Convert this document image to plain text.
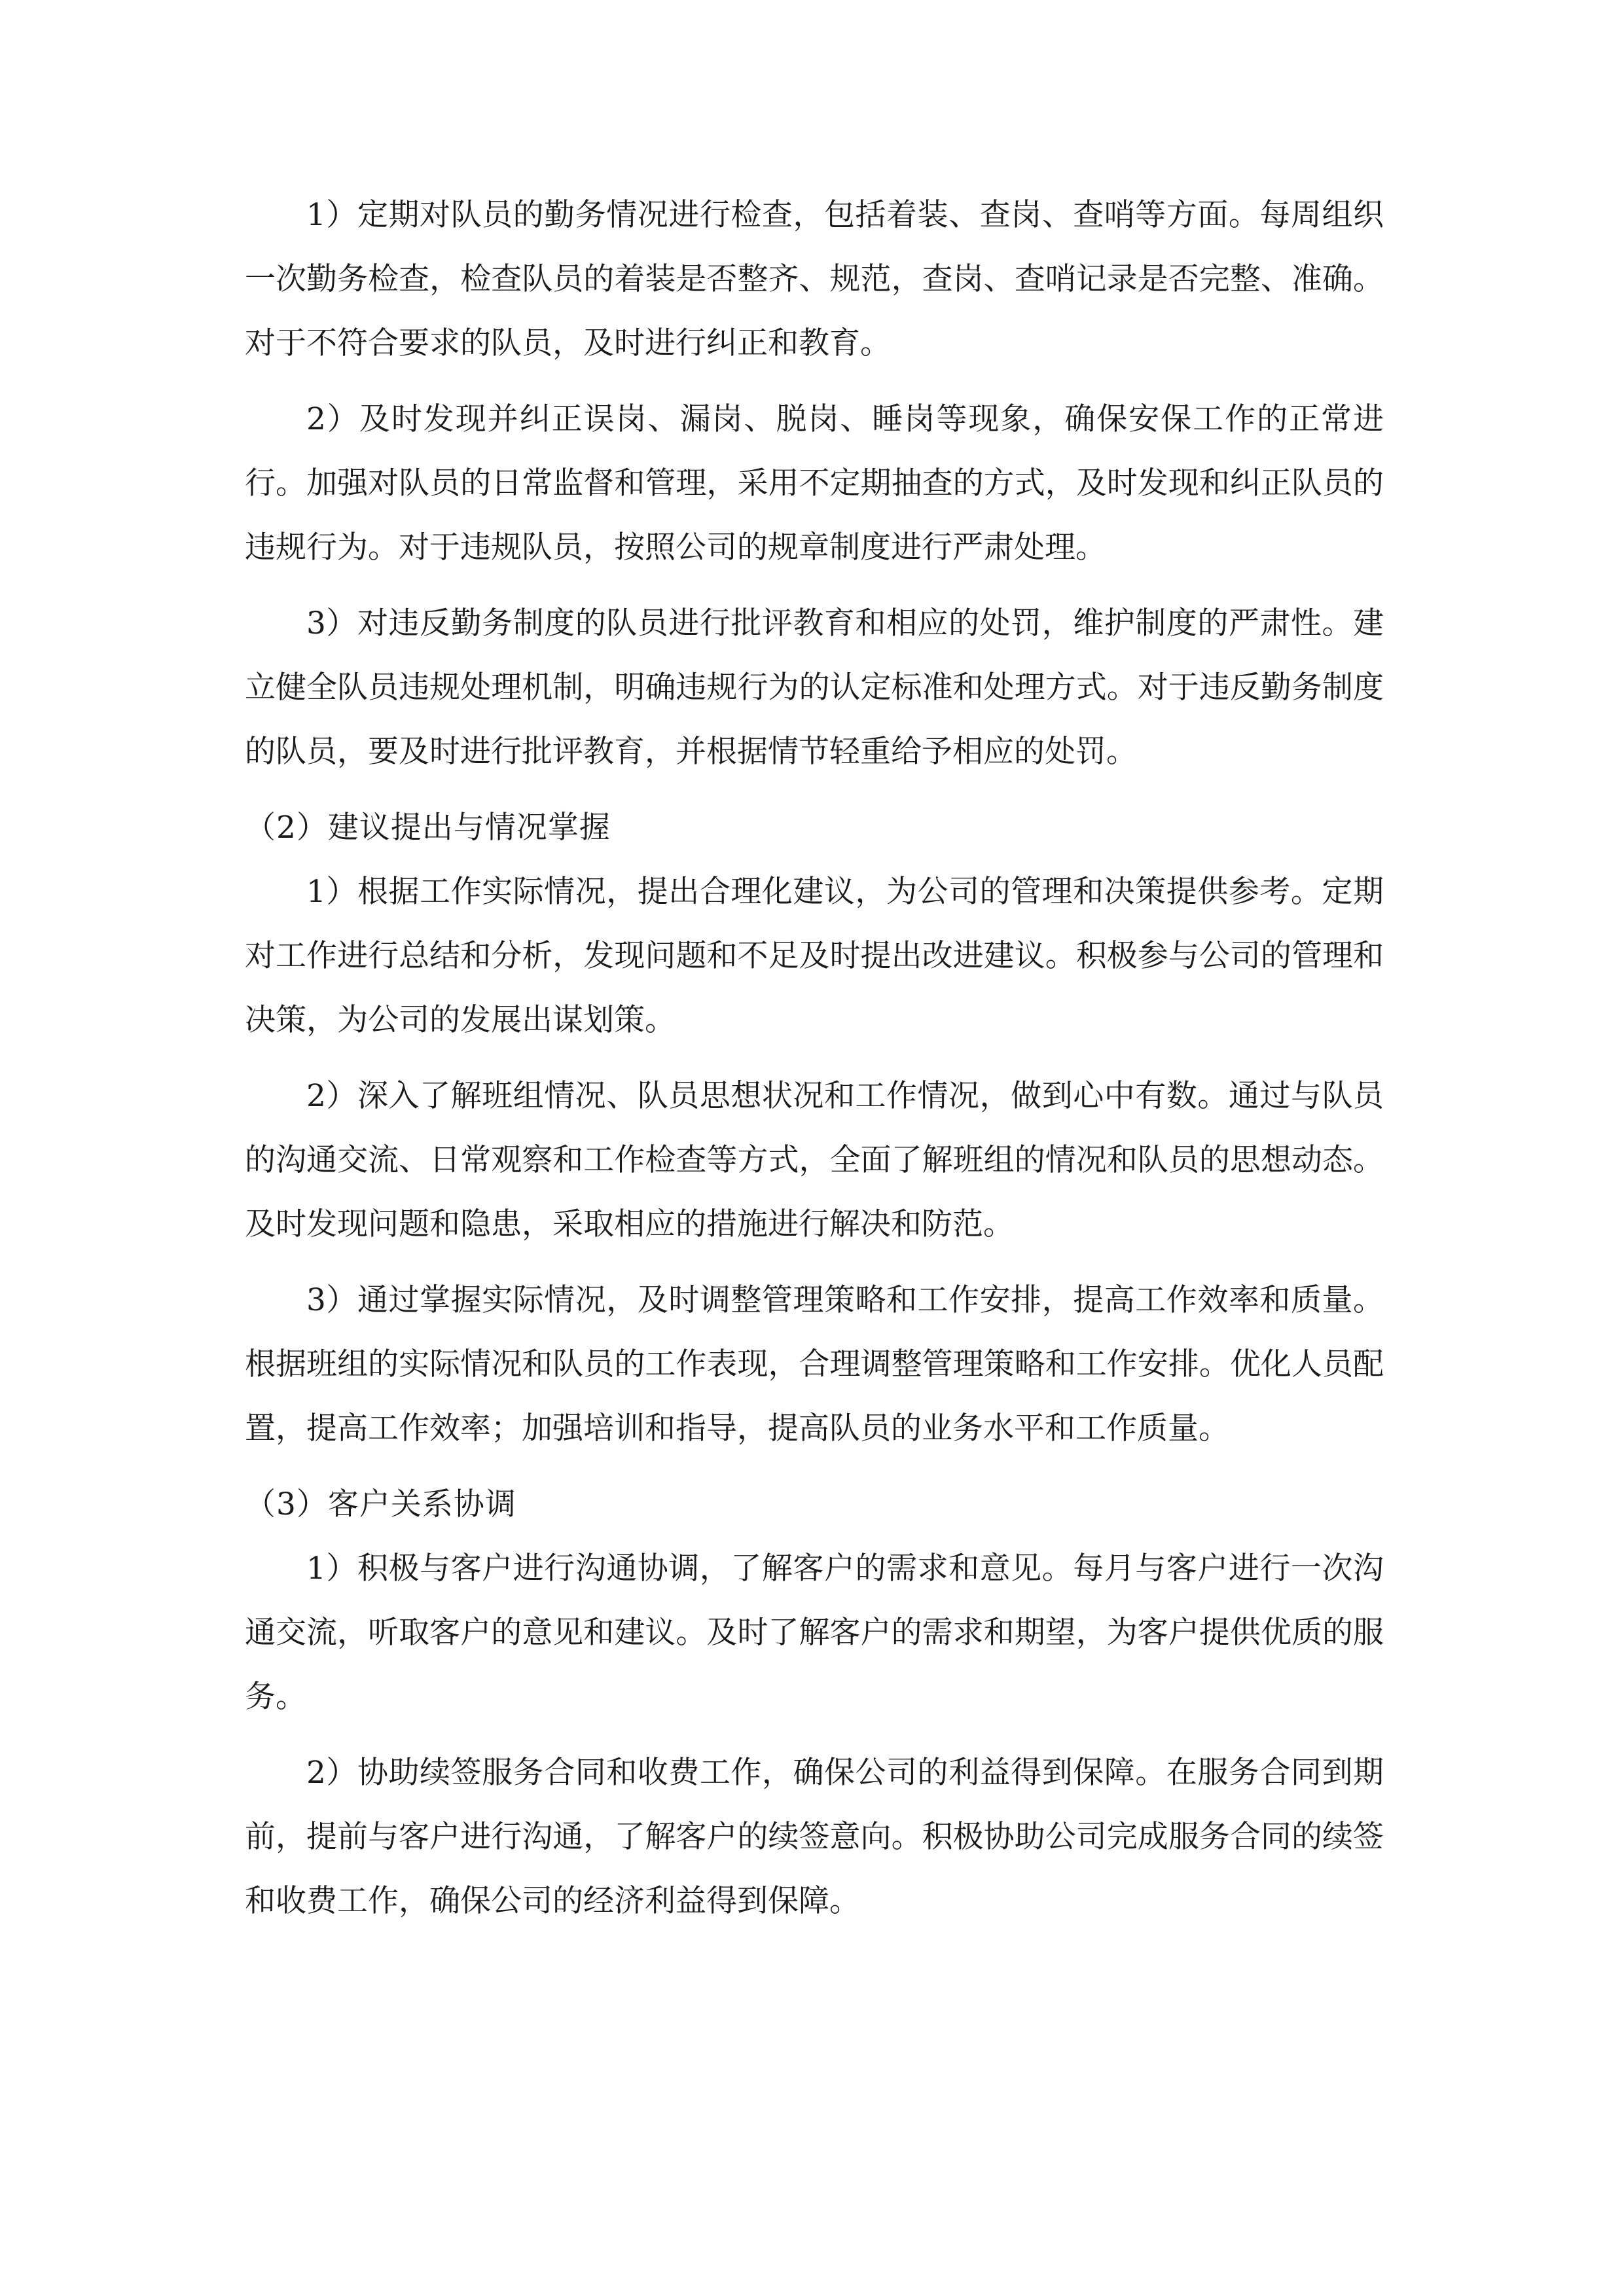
1）定期对队员的勤务情况进行检查，包括着装、查岗、查哨等方面。每周组织一次勤务检查，检查队员的着装是否整齐、规范，查岗、查哨记录是否完整、准确。对于不符合要求的队员，及时进行纠正和教育。

2）及时发现并纠正误岗、漏岗、脱岗、睡岗等现象，确保安保工作的正常进行。加强对队员的日常监督和管理，采用不定期抽查的方式，及时发现和纠正队员的违规行为。对于违规队员，按照公司的规章制度进行严肃处理。

3）对违反勤务制度的队员进行批评教育和相应的处罚，维护制度的严肃性。建立健全队员违规处理机制，明确违规行为的认定标准和处理方式。对于违反勤务制度的队员，要及时进行批评教育，并根据情节轻重给予相应的处罚。

（2）建议提出与情况掌握

1）根据工作实际情况，提出合理化建议，为公司的管理和决策提供参考。定期对工作进行总结和分析，发现问题和不足及时提出改进建议。积极参与公司的管理和决策，为公司的发展出谋划策。

2）深入了解班组情况、队员思想状况和工作情况，做到心中有数。通过与队员的沟通交流、日常观察和工作检查等方式，全面了解班组的情况和队员的思想动态。及时发现问题和隐患，采取相应的措施进行解决和防范。

3）通过掌握实际情况，及时调整管理策略和工作安排，提高工作效率和质量。根据班组的实际情况和队员的工作表现，合理调整管理策略和工作安排。优化人员配置，提高工作效率；加强培训和指导，提高队员的业务水平和工作质量。

（3）客户关系协调

1）积极与客户进行沟通协调，了解客户的需求和意见。每月与客户进行一次沟通交流，听取客户的意见和建议。及时了解客户的需求和期望，为客户提供优质的服务。

2）协助续签服务合同和收费工作，确保公司的利益得到保障。在服务合同到期前，提前与客户进行沟通，了解客户的续签意向。积极协助公司完成服务合同的续签和收费工作，确保公司的经济利益得到保障。
